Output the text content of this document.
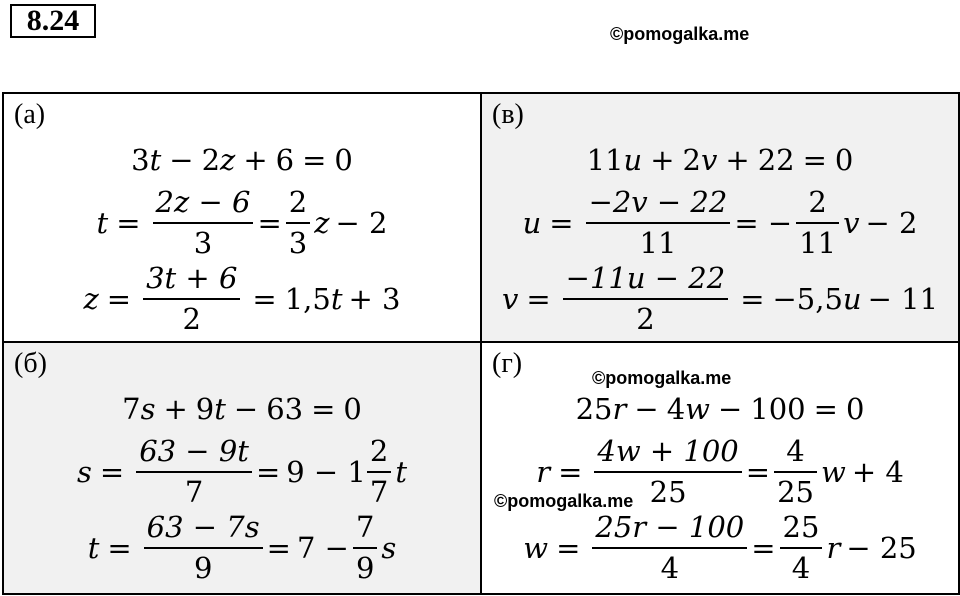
8.24	©pomogalka.me
(а)
3 t − 2 z + 6 = 0
$t = \frac{2z - 6}{3} = \frac{2}{3}$ z − 2
$z = \frac{3t + 6}{2} = 1,5$ t + 3
(в)
11 u + 2 v + 22 = 0
$u = \frac{-2v - 22}{11}$ = − $\frac{2}{11}$ v − 2
$v = \frac{-11u - 22}{2} = -5,5$ u − 11
(б)
7 s + 9 t − 63 = 0
$s = \frac{63 - 9t}{7} = 9 - 1 \frac{2}{7}$ t
$t = \frac{63 - 7s}{9} = 7 - \frac{7}{9}$ s
(г)
25 r − 4 w − 100 = 0
$r = \frac{4w + 100}{25} = \frac{4}{25}$ w + 4
$w = \frac{25r - 100}{4} = \frac{25}{4}$ r − 25
©pomogalka.me
©pomogalka.me
